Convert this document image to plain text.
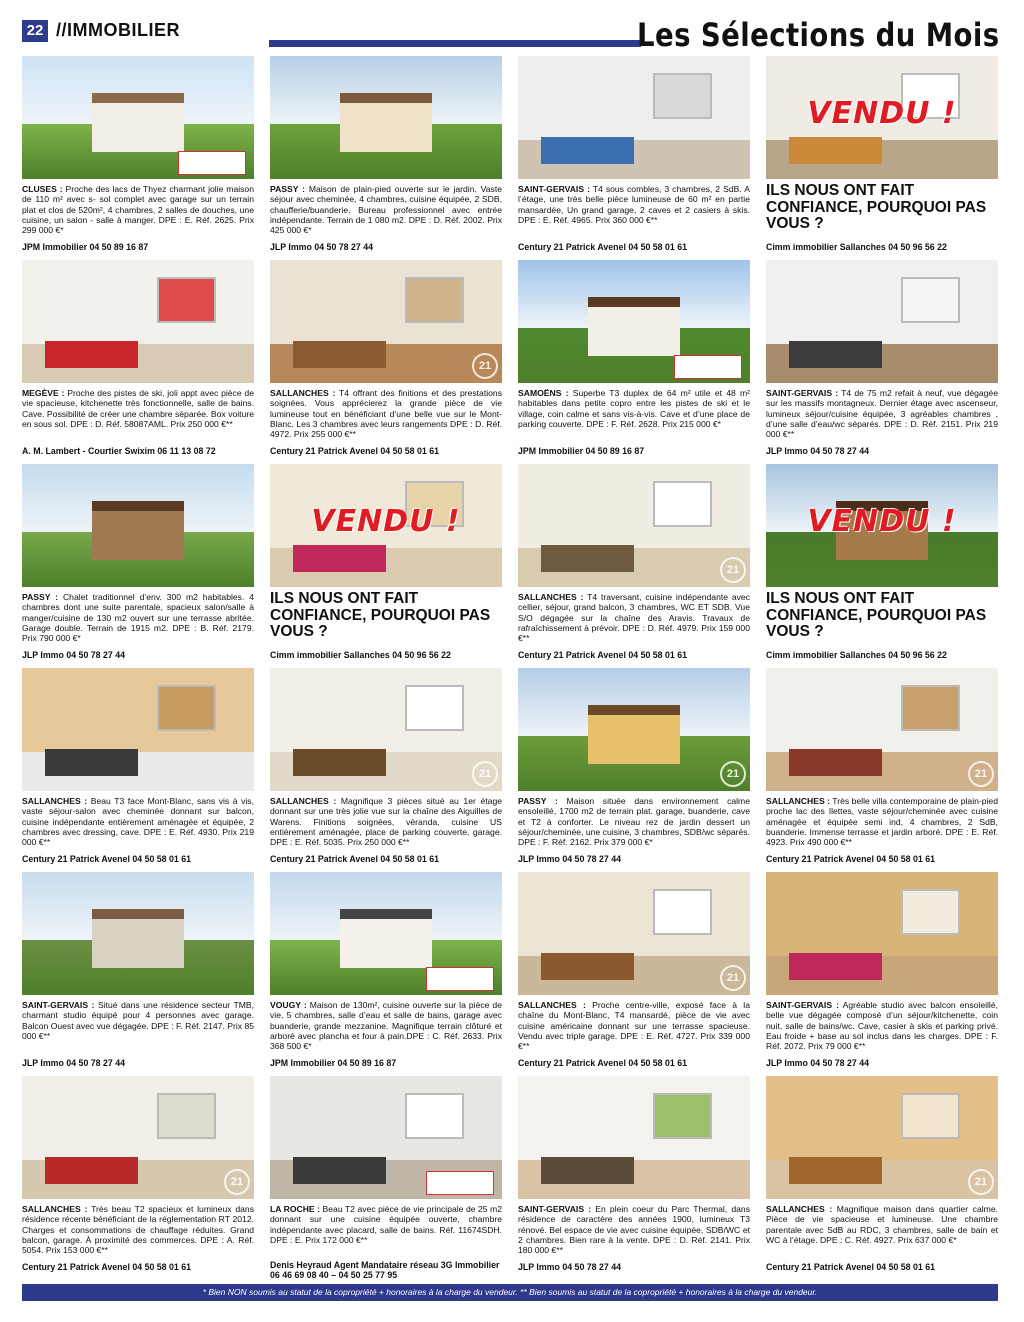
22 //IMMOBILIER	Les Sélections du Mois
CLUSES : Proche des lacs de Thyez charmant jolie maison de 110 m² avec s- sol complet avec garage sur un terrain plat et clos de 520m², 4 chambres, 2 salles de douches, une cuisine, un salon - salle à manger. DPE : E. Réf. 2625. Prix 299 000 €*
JPM Immobilier 04 50 89 16 87
PASSY : Maison de plain-pied ouverte sur le jardin. Vaste séjour avec cheminée, 4 chambres, cuisine équipée, 2 SDB, chaufferie/buanderie. Bureau professionnel avec entrée indépendante. Terrain de 1 080 m2. DPE : D. Réf. 2002. Prix 425 000 €*
JLP Immo 04 50 78 27 44
SAINT-GERVAIS : T4 sous combles, 3 chambres, 2 SdB. A l’étage, une très belle pièce lumineuse de 60 m² en partie mansardée, Un grand garage, 2 caves et 2 casiers à skis. DPE : E. Réf. 4965. Prix 360 000 €**
Century 21 Patrick Avenel 04 50 58 01 61
VENDU !
ILS NOUS ONT FAIT CONFIANCE, POURQUOI PAS VOUS ?
Cimm immobilier Sallanches 04 50 96 56 22
MEGÈVE : Proche des pistes de ski, joli appt avec pièce de vie spacieuse, kitchenette très fonctionnelle, salle de bains. Cave. Possibilité de créer une chambre séparée. Box voiture en sous sol. DPE : D. Réf. 58087AML. Prix 250 000 €**
A. M. Lambert - Courtier Swixim 06 11 13 08 72
21
SALLANCHES : T4 offrant des finitions et des prestations soignées. Vous apprécierez la grande pièce de vie lumineuse tout en bénéficiant d’une belle vue sur le Mont-Blanc. Les 3 chambres avec leurs rangements DPE : D. Réf. 4972. Prix 255 000 €**
Century 21 Patrick Avenel 04 50 58 01 61
SAMOËNS : Superbe T3 duplex de 64 m² utile et 48 m² habitables dans petite copro entre les pistes de ski et le village, coin calme et sans vis-à-vis. Cave et d’une place de parking couverte. DPE : F. Réf. 2628. Prix 215 000 €*
JPM Immobilier 04 50 89 16 87
SAINT-GERVAIS : T4 de 75 m2 refait à neuf, vue dégagée sur les massifs montagneux. Dernier étage avec ascenseur, lumineux séjour/cuisine équipée, 3 agréables chambres , d’une salle d’eau/wc séparés. DPE : D. Réf. 2151. Prix 219 000 €**
JLP Immo 04 50 78 27 44
PASSY : Chalet traditionnel d’env. 300 m2 habitables. 4 chambres dont une suite parentale, spacieux salon/salle à manger/cuisine de 130 m2 ouvert sur une terrasse abritée. Garage double. Terrain de 1915 m2. DPE : B. Réf. 2179. Prix 790 000 €*
JLP Immo 04 50 78 27 44
VENDU !
ILS NOUS ONT FAIT CONFIANCE, POURQUOI PAS VOUS ?
Cimm immobilier Sallanches 04 50 96 56 22
21
SALLANCHES : T4 traversant, cuisine indépendante avec cellier, séjour, grand balcon, 3 chambres, WC ET SDB. Vue S/O dégagée sur la chaîne des Aravis. Travaux de rafraîchissement à prévoir. DPE : D. Réf. 4979. Prix 159 000 €**
Century 21 Patrick Avenel 04 50 58 01 61
VENDU !
ILS NOUS ONT FAIT CONFIANCE, POURQUOI PAS VOUS ?
Cimm immobilier Sallanches 04 50 96 56 22
SALLANCHES : Beau T3 face Mont-Blanc, sans vis à vis, vaste séjour-salon avec cheminée donnant sur balcon, cuisine indépendante entièrement aménagée et équipée, 2 chambres avec dressing, cave. DPE : E. Réf. 4930. Prix 219 000 €**
Century 21 Patrick Avenel 04 50 58 01 61
21
SALLANCHES : Magnifique 3 pièces situé au 1er étage donnant sur une très jolie vue sur la chaîne des Aiguilles de Warens. Finitions soignées, véranda, cuisine US entièrement aménagée, place de parking couverte, garage. DPE : E. Réf. 5035. Prix 250 000 €**
Century 21 Patrick Avenel 04 50 58 01 61
21
PASSY : Maison située dans environnement calme ensoleillé, 1700 m2 de terrain plat. garage, buanderie, cave et T2 à conforter. Le niveau rez de jardin dessert un séjour/cheminée, une cuisine, 3 chambres, SDB/wc séparés. DPE : F. Réf. 2162. Prix 379 000 €*
JLP Immo 04 50 78 27 44
21
SALLANCHES : Très belle villa contemporaine de plain-pied proche lac des Ilettes, vaste séjour/cheminée avec cuisine aménagée et équipée semi ind, 4 chambres, 2 SdB, buanderie. Immense terrasse et jardin arboré. DPE : E. Réf. 4923. Prix 490 000 €**
Century 21 Patrick Avenel 04 50 58 01 61
SAINT-GERVAIS : Situé dans une résidence secteur TMB, charmant studio équipé pour 4 personnes avec garage. Balcon Ouest avec vue dégagée. DPE : F. Réf. 2147. Prix 85 000 €**
JLP Immo 04 50 78 27 44
VOUGY : Maison de 130m², cuisine ouverte sur la pièce de vie, 5 chambres, salle d’eau et salle de bains, garage avec buanderie, grande mezzanine. Magnifique terrain clôturé et arboré avec plancha et four à pain.DPE : C. Réf. 2633. Prix 368 500 €*
JPM Immobilier 04 50 89 16 87
21
SALLANCHES : Proche centre-ville, exposé face à la chaîne du Mont-Blanc, T4 mansardé, pièce de vie avec cuisine américaine donnant sur une terrasse spacieuse. Vendu avec triple garage. DPE : E. Réf. 4727. Prix 339 000 €**
Century 21 Patrick Avenel 04 50 58 01 61
SAINT-GERVAIS : Agréable studio avec balcon ensoleillé, belle vue dégagée composé d’un séjour/kitchenette, coin nuit, salle de bains/wc. Cave, casier à skis et parking privé. Eau froide + base au sol inclus dans les charges. DPE : F. Réf. 2072. Prix 79 000 €**
JLP Immo 04 50 78 27 44
21
SALLANCHES : Très beau T2 spacieux et lumineux dans résidence récente bénéficiant de la réglementation RT 2012. Charges et consommations de chauffage réduites. Grand balcon, garage. À proximité des commerces. DPE : A. Réf. 5054. Prix 153 000 €**
Century 21 Patrick Avenel 04 50 58 01 61
LA ROCHE : Beau T2 avec pièce de vie principale de 25 m2 donnant sur une cuisine équipée ouverte, chambre indépendante avec placard, salle de bains. Réf. 11674SDH. DPE : E. Prix 172 000 €**
Denis Heyraud Agent Mandataire réseau 3G Immobilier 06 46 69 08 40 – 04 50 25 77 95
SAINT-GERVAIS : En plein coeur du Parc Thermal, dans résidence de caractère des années 1900, lumineux T3 rénové. Bel espace de vie avec cuisine équipée, SDB/WC et 2 chambres. Bien rare à la vente. DPE : D. Réf. 2141. Prix 180 000 €**
JLP Immo 04 50 78 27 44
21
SALLANCHES : Magnifique maison dans quartier calme. Pièce de vie spacieuse et lumineuse. Une chambre parentale avec SdB au RDC, 3 chambres, salle de bain et WC à l’étage. DPE : C. Réf. 4927. Prix 637 000 €*
Century 21 Patrick Avenel 04 50 58 01 61
* Bien NON soumis au statut de la copropriété + honoraires à la charge du vendeur. ** Bien soumis au statut de la copropriété + honoraires à la charge du vendeur.
